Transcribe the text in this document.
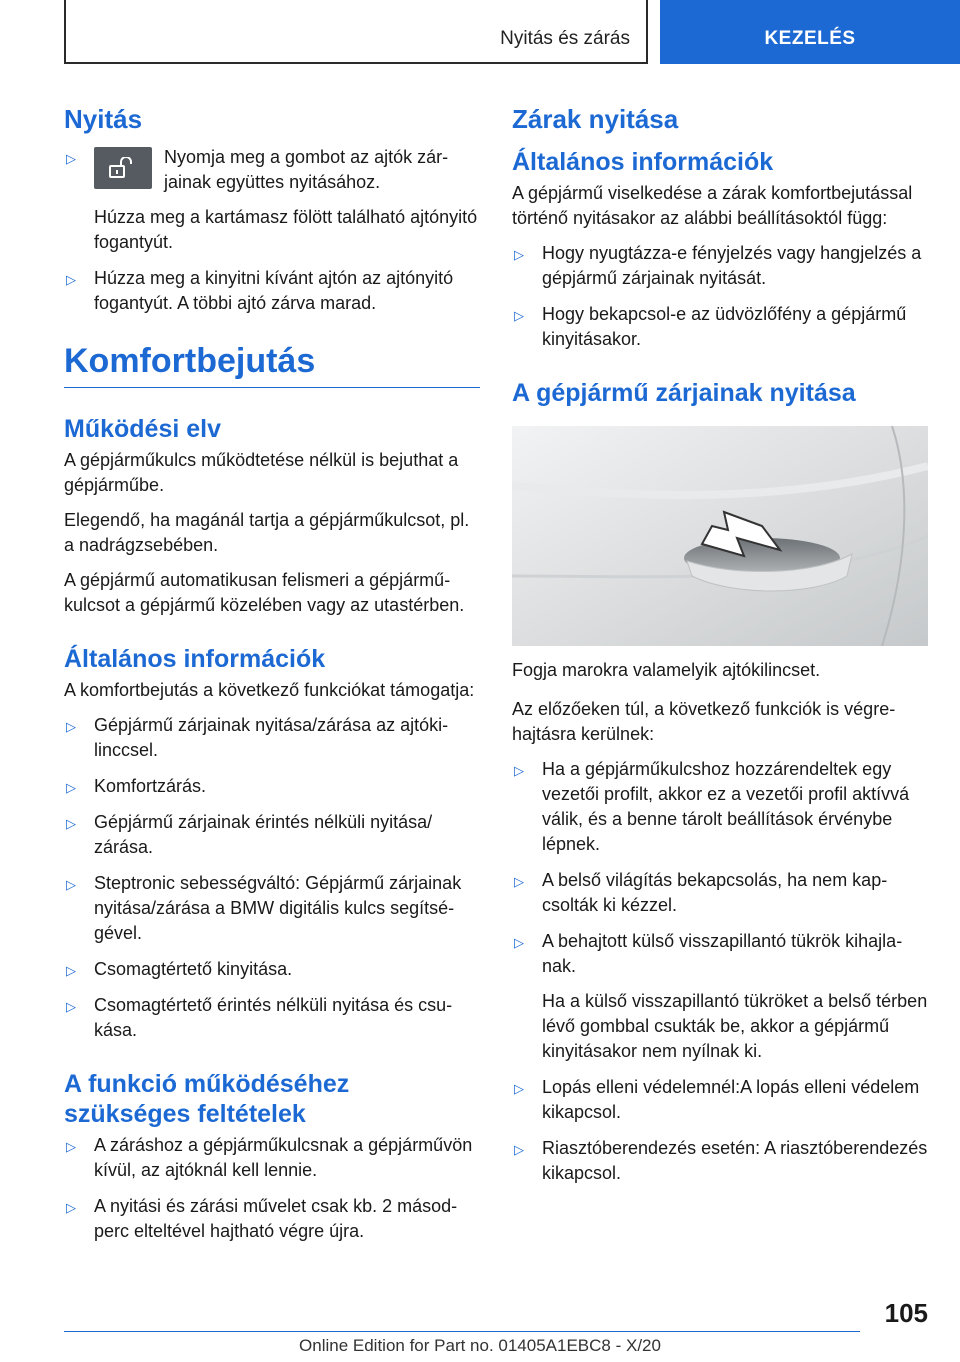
Nyitás és zárás	KEZELÉS
Nyitás
▷	Nyomja meg a gombot az ajtók zárjainak együttes nyitásához.

Húzza meg a kartámasz fölött található ajtónyitó fogantyút.

▷ Húzza meg a kinyitni kívánt ajtón az ajtónyitó fogantyút. A többi ajtó zárva marad.
Komfortbejutás
Működési elv

A gépjárműkulcs működtetése nélkül is bejuthat a gépjárműbe.

Elegendő, ha magánál tartja a gépjárműkulcsot, pl. a nadrágzsebében.

A gépjármű automatikusan felismeri a gépjárműkulcsot a gépjármű közelében vagy az utastérben.

Általános információk

A komfortbejutás a következő funkciókat támogatja:

▷ Gépjármű zárjainak nyitása/zárása az ajtókilinccsel.
▷ Komfortzárás.
▷ Gépjármű zárjainak érintés nélküli nyitása/ zárása.
▷ Steptronic sebességváltó: Gépjármű zárjainak nyitása/zárása a BMW digitális kulcs segítségével.
▷ Csomagtértető kinyitása.
▷ Csomagtértető érintés nélküli nyitása és csukása.
A funkció működéséhez szükséges feltételek
▷ A záráshoz a gépjárműkulcsnak a gépjárművön kívül, az ajtóknál kell lennie.
▷ A nyitási és zárási művelet csak kb. 2 másodperc elteltével hajtható végre újra.
Zárak nyitása
Általános információk

A gépjármű viselkedése a zárak komfortbejutással történő nyitásakor az alábbi beállításoktól függ:

▷ Hogy nyugtázza-e fényjelzés vagy hangjelzés a gépjármű zárjainak nyitását.
▷ Hogy bekapcsol-e az üdvözlőfény a gépjármű kinyitásakor.
A gépjármű zárjainak nyitása

Fogja marokra valamelyik ajtókilincset.

Az előzőeken túl, a következő funkciók is végrehajtásra kerülnek:

▷ Ha a gépjárműkulcshoz hozzárendeltek egy vezetői profilt, akkor ez a vezetői profil aktívvá válik, és a benne tárolt beállítások érvénybe lépnek.
▷ A belső világítás bekapcsolás, ha nem kapcsolták ki kézzel.
▷ A behajtott külső visszapillantó tükrök kihajlanak.

Ha a külső visszapillantó tükröket a belső térben lévő gombbal csukták be, akkor a gépjármű kinyitásakor nem nyílnak ki.

▷ Lopás elleni védelemnél:A lopás elleni védelem kikapcsol.
▷ Riasztóberendezés esetén: A riasztóberendezés kikapcsol.
105
Online Edition for Part no. 01405A1EBC8 - X/20
